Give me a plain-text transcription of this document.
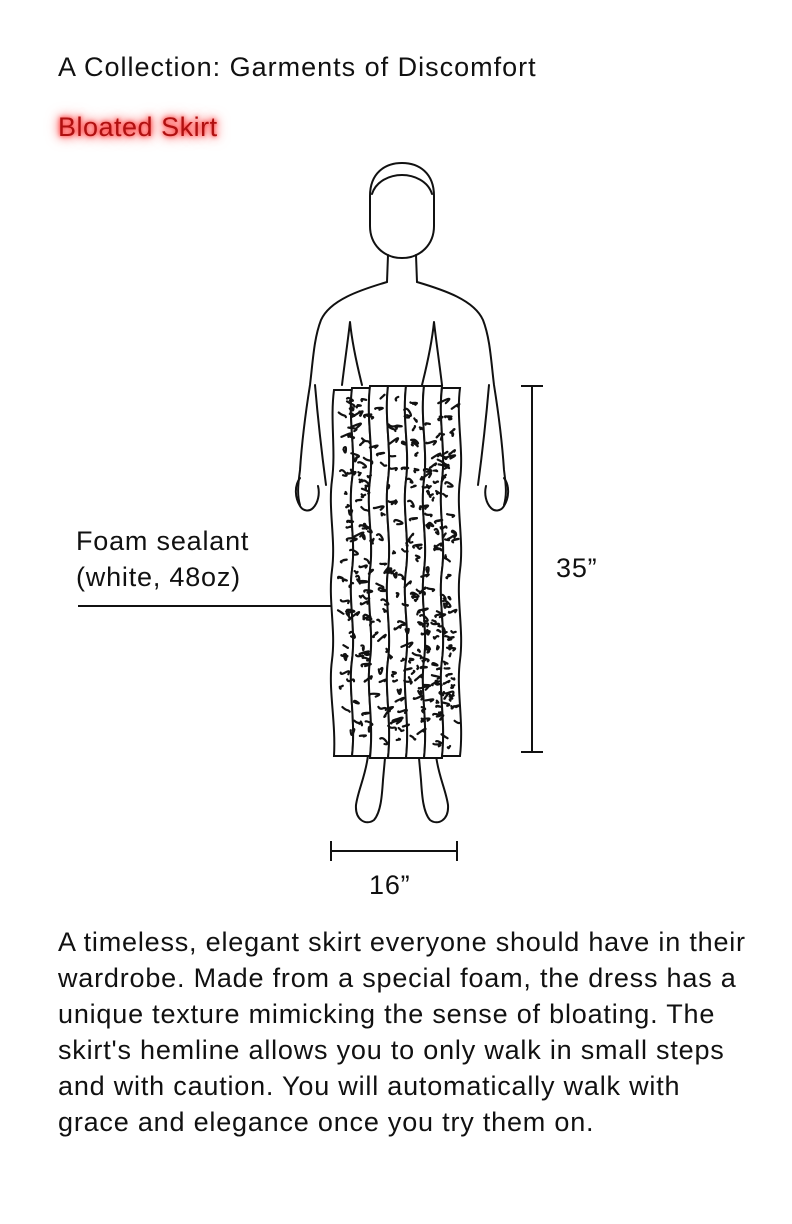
A Collection: Garments of Discomfort
Bloated Skirt
Foam sealant
(white, 48oz)	35”
16”

A timeless, elegant skirt everyone should have in their wardrobe. Made from a special foam, the dress has a unique texture mimicking the sense of bloating. The skirt's hemline allows you to only walk in small steps and with caution. You will automatically walk with grace and elegance once you try them on.
